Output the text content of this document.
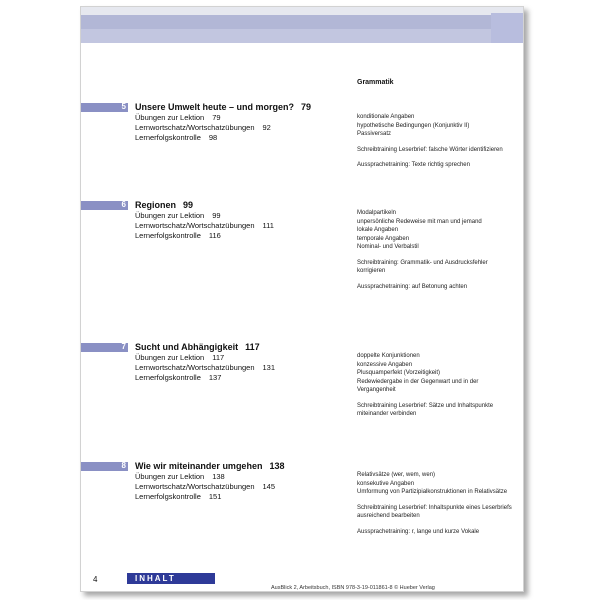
Grammatik
5 Unsere Umwelt heute – und morgen? 79
Übungen zur Lektion 79
Lernwortschatz/Wortschatzübungen 92
Lernerfolgskontrolle 98
konditionale Angaben
hypothetische Bedingungen (Konjunktiv II)
Passiversatz
Schreibtraining Leserbrief: falsche Wörter identifizieren
Aussprachetraining: Texte richtig sprechen
6 Regionen 99
Übungen zur Lektion 99
Lernwortschatz/Wortschatzübungen 111
Lernerfolgskontrolle 116
Modalpartikeln
unpersönliche Redeweise mit man und jemand
lokale Angaben
temporale Angaben
Nominal- und Verbalstil
Schreibtraining: Grammatik- und Ausdrucksfehler korrigieren
Aussprachetraining: auf Betonung achten
7 Sucht und Abhängigkeit 117
Übungen zur Lektion 117
Lernwortschatz/Wortschatzübungen 131
Lernerfolgskontrolle 137
doppelte Konjunktionen
konzessive Angaben
Plusquamperfekt (Vorzeitigkeit)
Redewiedergabe in der Gegenwart und in der Vergangenheit
Schreibtraining Leserbrief: Sätze und Inhaltspunkte miteinander verbinden
8 Wie wir miteinander umgehen 138
Übungen zur Lektion 138
Lernwortschatz/Wortschatzübungen 145
Lernerfolgskontrolle 151
Relativsätze (wer, wem, wen)
konsekutive Angaben
Umformung von Partizipialkonstruktionen in Relativsätze
Schreibtraining Leserbrief: Inhaltspunkte eines Leserbriefs ausreichend bearbeiten
Aussprachetraining: r, lange und kurze Vokale
4	INHALT
AusBlick 2, Arbeitsbuch, ISBN 978-3-19-011861-8 © Hueber Verlag
